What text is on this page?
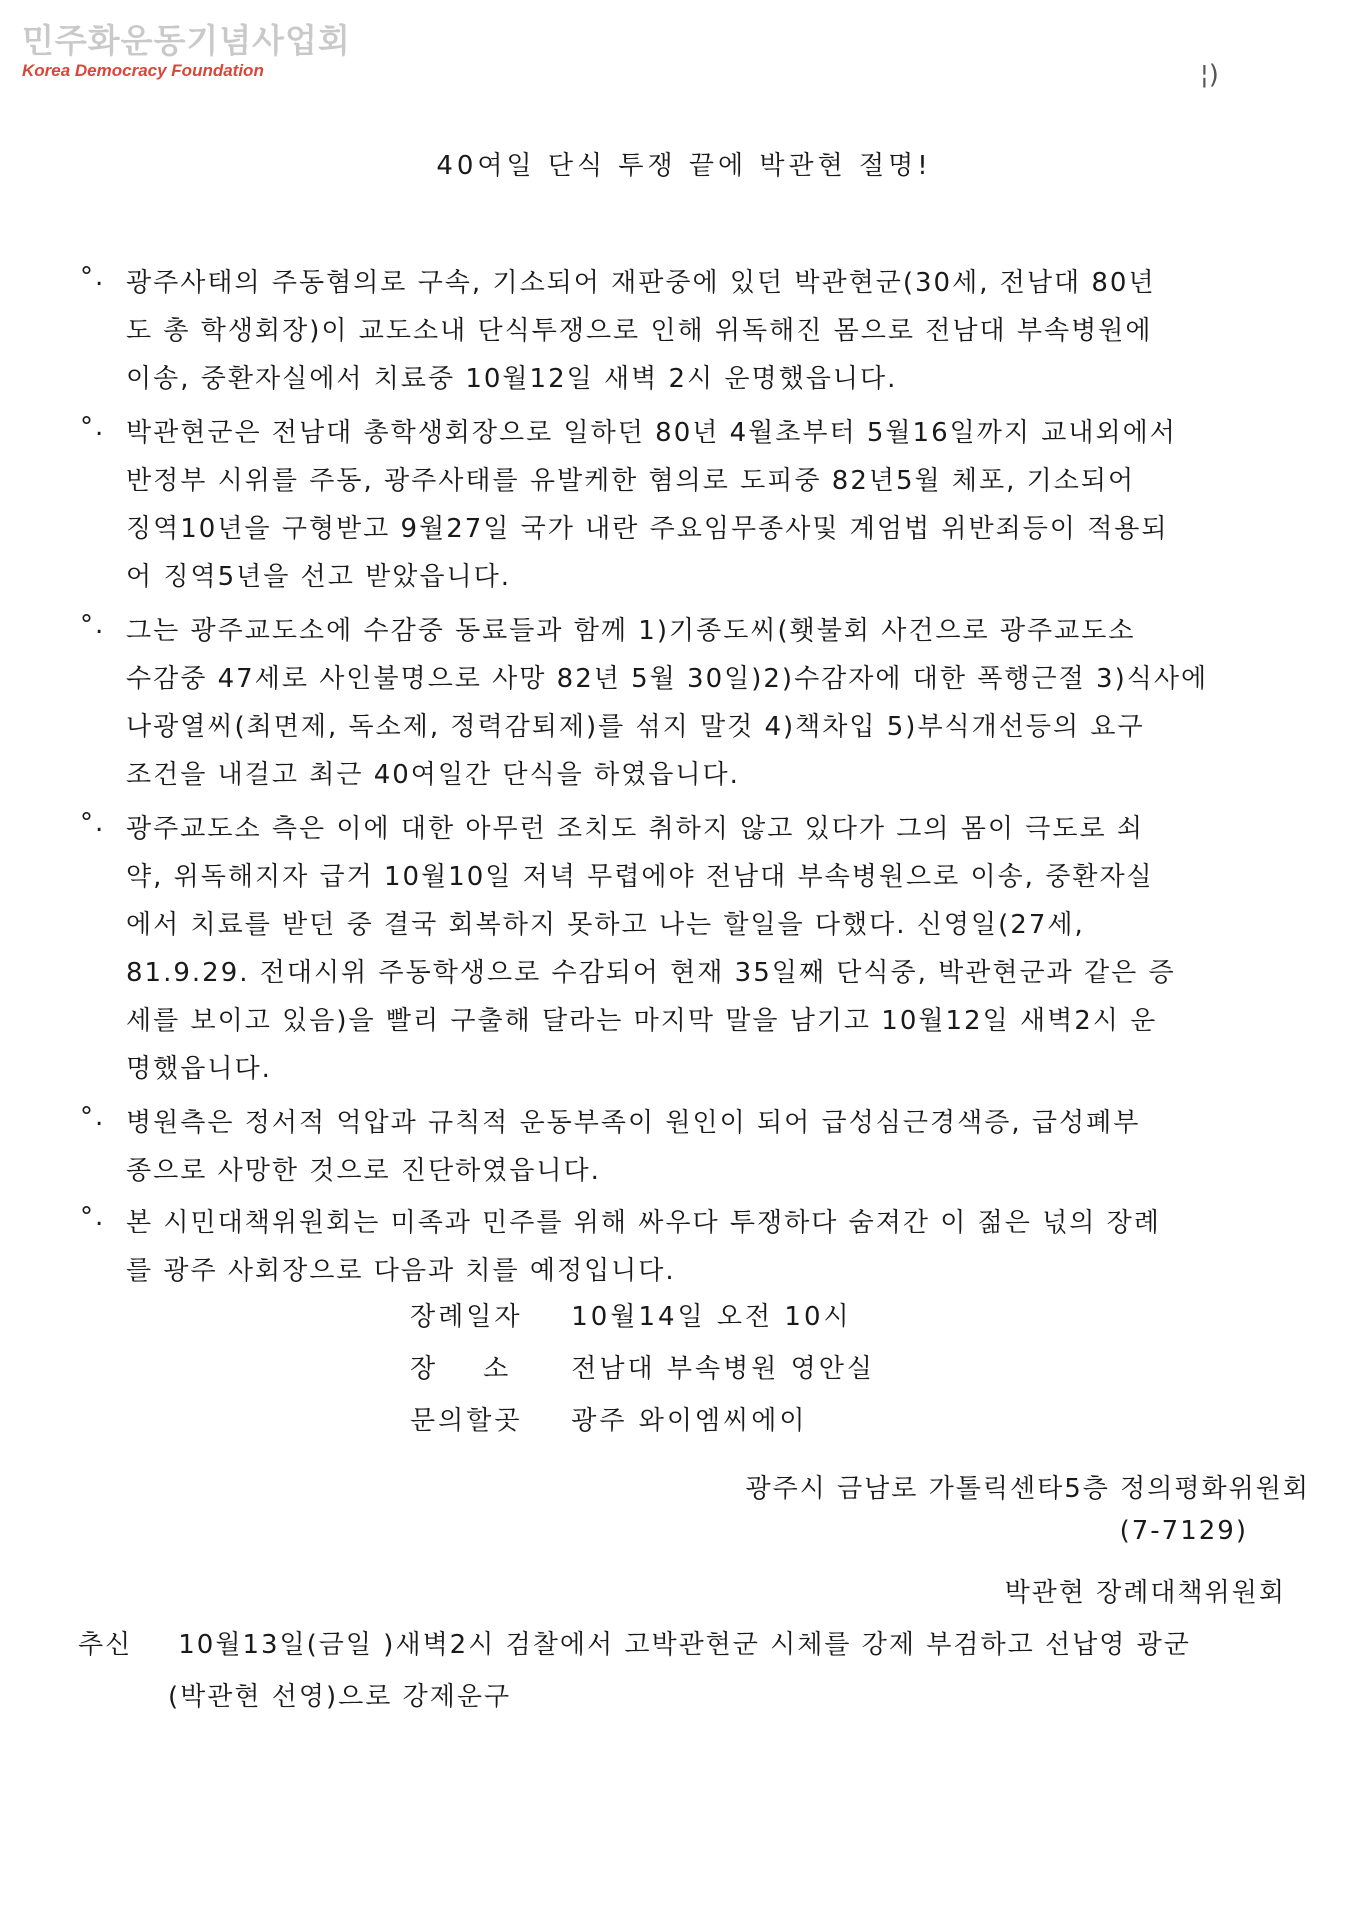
민주화운동기념사업회
Korea Democracy Foundation	¦)
40여일 단식 투쟁 끝에 박관현 절명!
°. 광주사태의 주동혐의로 구속, 기소되어 재판중에 있던 박관현군(30세, 전남대 80년
도 총 학생회장)이 교도소내 단식투쟁으로 인해 위독해진 몸으로 전남대 부속병원에
이송, 중환자실에서 치료중 10월12일 새벽 2시 운명했읍니다.
°. 박관현군은 전남대 총학생회장으로 일하던 80년 4월초부터 5월16일까지 교내외에서
반정부 시위를 주동, 광주사태를 유발케한 혐의로 도피중 82년5월 체포, 기소되어
징역10년을 구형받고 9월27일 국가 내란 주요임무종사및 계엄법 위반죄등이 적용되
어 징역5년을 선고 받았읍니다.
°. 그는 광주교도소에 수감중 동료들과 함께 1)기종도씨(횃불회 사건으로 광주교도소
수감중 47세로 사인불명으로 사망 82년 5월 30일)2)수감자에 대한 폭행근절 3)식사에
나광열씨(최면제, 독소제, 정력감퇴제)를 섞지 말것 4)책차입 5)부식개선등의 요구
조건을 내걸고 최근 40여일간 단식을 하였읍니다.
°. 광주교도소 측은 이에 대한 아무런 조치도 취하지 않고 있다가 그의 몸이 극도로 쇠
약, 위독해지자 급거 10월10일 저녁 무렵에야 전남대 부속병원으로 이송, 중환자실
에서 치료를 받던 중 결국 회복하지 못하고 나는 할일을 다했다. 신영일(27세,
81.9.29. 전대시위 주동학생으로 수감되어 현재 35일째 단식중, 박관현군과 같은 증
세를 보이고 있음)을 빨리 구출해 달라는 마지막 말을 남기고 10월12일 새벽2시 운
명했읍니다.
°. 병원측은 정서적 억압과 규칙적 운동부족이 원인이 되어 급성심근경색증, 급성폐부
종으로 사망한 것으로 진단하였읍니다.
°. 본 시민대책위원회는 미족과 민주를 위해 싸우다 투쟁하다 숨져간 이 젊은 넋의 장례
를 광주 사회장으로 다음과 치를 예정입니다.
장례일자 10월14일 오전 10시
장    소 전남대 부속병원 영안실
문의할곳 광주 와이엠씨에이
광주시 금남로 가톨릭센타5층 정의평화위원회
(7-7129)
박관현 장례대책위원회
추신 10월13일(금일 )새벽2시 검찰에서 고박관현군 시체를 강제 부검하고 선납영 광군
(박관현 선영)으로 강제운구
